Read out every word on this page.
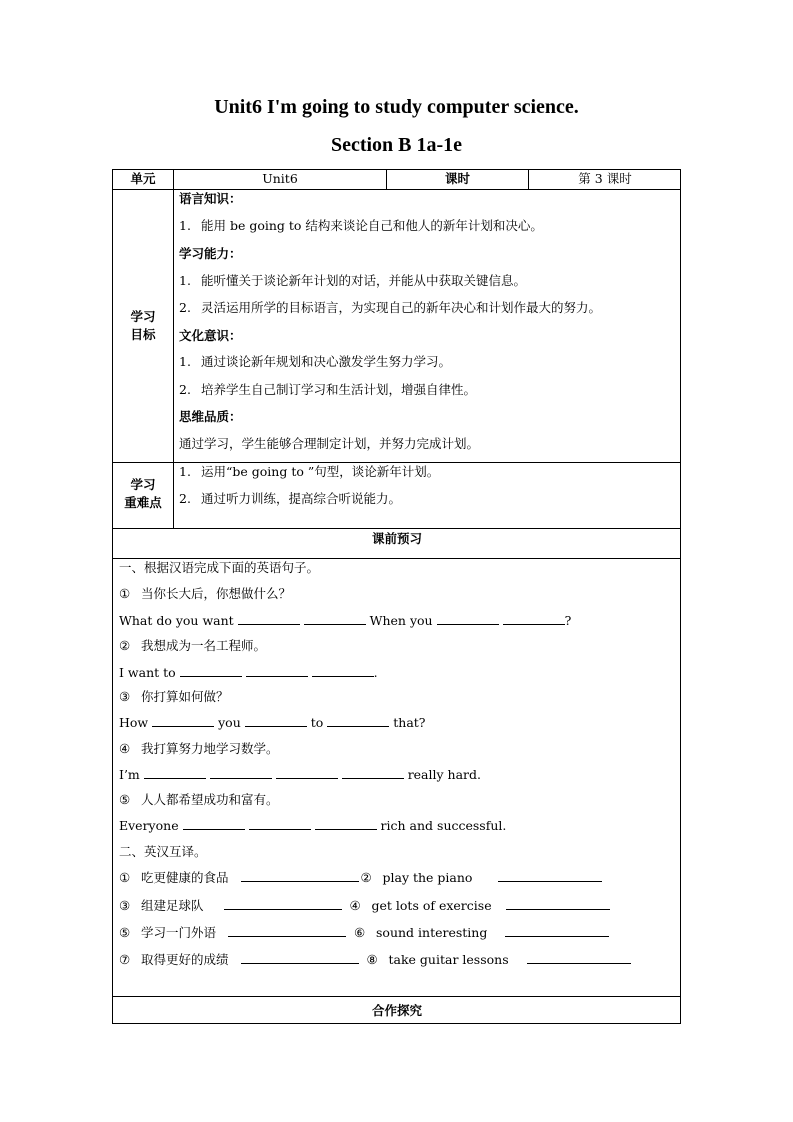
Unit6 I'm going to study computer science.
Section B 1a-1e
单元	Unit6	课时	第 3 课时
学习
目标
语言知识：
1. 能用 be going to 结构来谈论自己和他人的新年计划和决心。
学习能力：
1. 能听懂关于谈论新年计划的对话，并能从中获取关键信息。
2. 灵活运用所学的目标语言，为实现自己的新年决心和计划作最大的努力。
文化意识：
1. 通过谈论新年规划和决心激发学生努力学习。
2. 培养学生自己制订学习和生活计划，增强自律性。
思维品质：
通过学习，学生能够合理制定计划，并努力完成计划。
学习
重难点
1. 运用“be going to ”句型，谈论新年计划。
2. 通过听力训练，提高综合听说能力。
课前预习
一、根据汉语完成下面的英语句子。
① 当你长大后，你想做什么？
What do you want	When you	?
② 我想成为一名工程师。
I want to	.
③ 你打算如何做？
How	you	to	that?
④ 我打算努力地学习数学。
I’m	really hard.
⑤ 人人都希望成功和富有。
Everyone	rich and successful.
二、英汉互译。
① 吃更健康的食品	② play the piano
③ 组建足球队	④ get lots of exercise
⑤ 学习一门外语	⑥ sound interesting
⑦ 取得更好的成绩	⑧ take guitar lessons
合作探究
